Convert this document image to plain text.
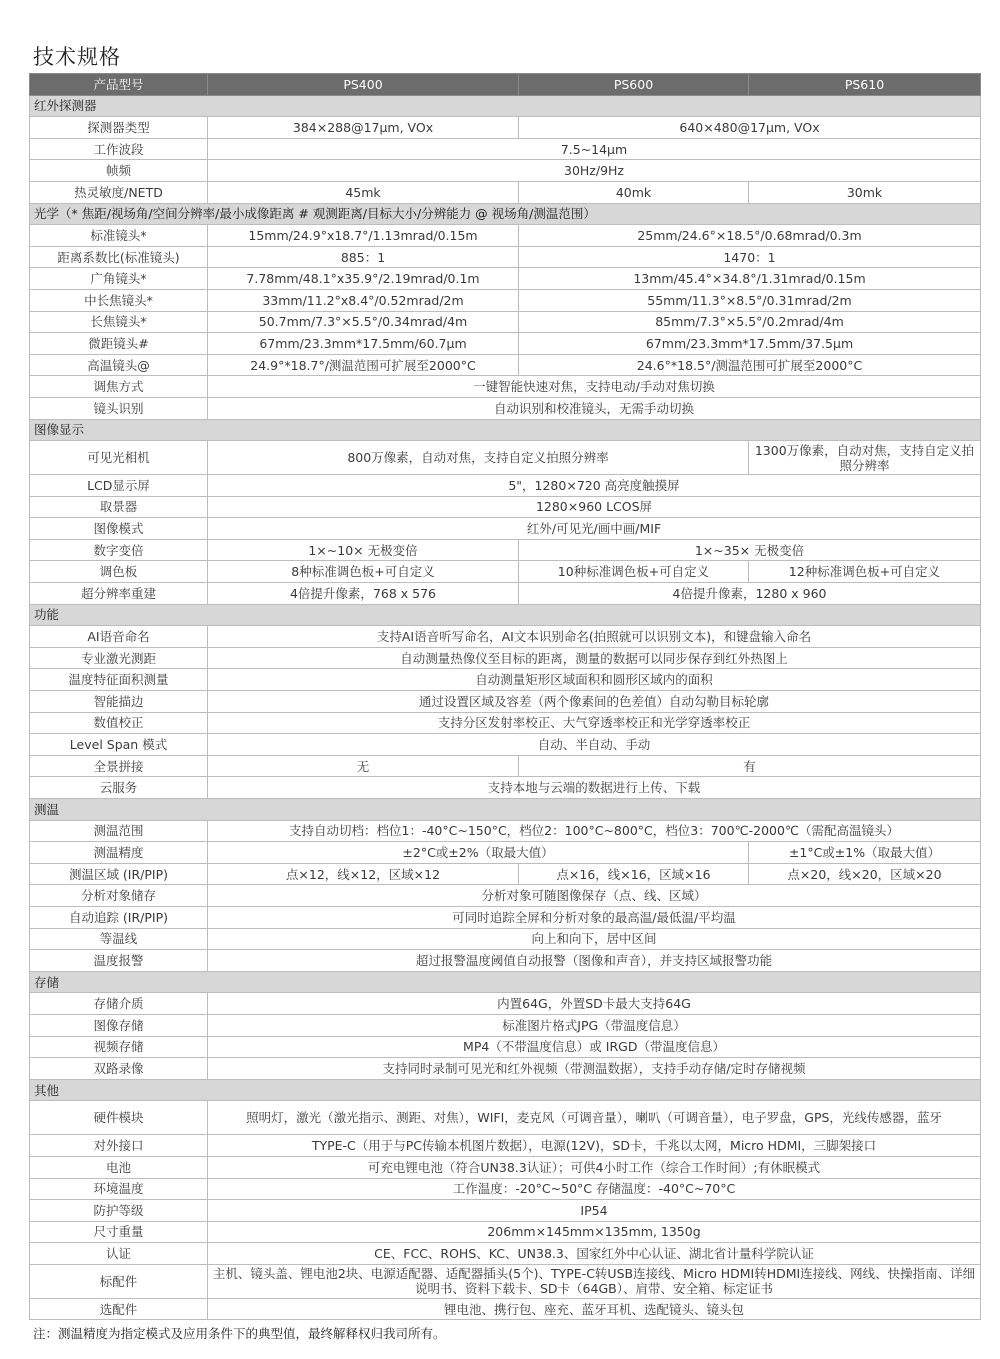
技术规格
产品型号	PS400	PS600	PS610
红外探测器			
探测器类型	384×288@17μm, VOx	640×480@17μm, VOx	
工作波段	7.5~14μm		
帧频	30Hz/9Hz		
热灵敏度/NETD	45mk	40mk	30mk
光学（* 焦距/视场角/空间分辨率/最小成像距离 # 观测距离/目标大小/分辨能力 @ 视场角/测温范围）			
标准镜头*	15mm/24.9°x18.7°/1.13mrad/0.15m	25mm/24.6°×18.5°/0.68mrad/0.3m	
距离系数比(标准镜头)	885：1	1470：1	
广角镜头*	7.78mm/48.1°x35.9°/2.19mrad/0.1m	13mm/45.4°×34.8°/1.31mrad/0.15m	
中长焦镜头*	33mm/11.2°x8.4°/0.52mrad/2m	55mm/11.3°×8.5°/0.31mrad/2m	
长焦镜头*	50.7mm/7.3°×5.5°/0.34mrad/4m	85mm/7.3°×5.5°/0.2mrad/4m	
微距镜头#	67mm/23.3mm*17.5mm/60.7μm	67mm/23.3mm*17.5mm/37.5μm	
高温镜头@	24.9°*18.7°/测温范围可扩展至2000°C	24.6°*18.5°/测温范围可扩展至2000°C	
调焦方式	一键智能快速对焦，支持电动/手动对焦切换		
镜头识别	自动识别和校准镜头，无需手动切换		
图像显示			
可见光相机	800万像素，自动对焦，支持自定义拍照分辨率		1300万像素，自动对焦，支持自定义拍照分辨率
LCD显示屏	5"，1280×720 高亮度触摸屏		
取景器	1280×960 LCOS屏		
图像模式	红外/可见光/画中画/MIF		
数字变倍	1×~10× 无极变倍	1×~35× 无极变倍	
调色板	8种标准调色板+可自定义	10种标准调色板+可自定义	12种标准调色板+可自定义
超分辨率重建	4倍提升像素，768 x 576	4倍提升像素，1280 x 960	
功能			
AI语音命名	支持AI语音听写命名，AI文本识别命名(拍照就可以识别文本)，和键盘输入命名		
专业激光测距	自动测量热像仪至目标的距离，测量的数据可以同步保存到红外热图上		
温度特征面积测量	自动测量矩形区域面积和圆形区域内的面积		
智能描边	通过设置区域及容差（两个像素间的色差值）自动勾勒目标轮廓		
数值校正	支持分区发射率校正、大气穿透率校正和光学穿透率校正		
Level Span 模式	自动、半自动、手动		
全景拼接	无	有	
云服务	支持本地与云端的数据进行上传、下载		
测温			
测温范围	支持自动切档：档位1：-40°C~150°C，档位2：100°C~800°C，档位3：700℃-2000℃（需配高温镜头）		
测温精度	±2°C或±2%（取最大值）		±1°C或±1%（取最大值）
测温区域 (IR/PIP)	点×12，线×12，区域×12	点×16，线×16，区域×16	点×20，线×20，区域×20
分析对象储存	分析对象可随图像保存（点、线、区域）		
自动追踪 (IR/PIP)	可同时追踪全屏和分析对象的最高温/最低温/平均温		
等温线	向上和向下，居中区间		
温度报警	超过报警温度阈值自动报警（图像和声音），并支持区域报警功能		
存储			
存储介质	内置64G，外置SD卡最大支持64G		
图像存储	标准图片格式JPG（带温度信息）		
视频存储	MP4（不带温度信息）或 IRGD（带温度信息）		
双路录像	支持同时录制可见光和红外视频（带测温数据），支持手动存储/定时存储视频		
其他			
硬件模块	照明灯，激光（激光指示、测距、对焦），WIFI，麦克风（可调音量），喇叭（可调音量），电子罗盘，GPS，光线传感器，蓝牙		
对外接口	TYPE-C（用于与PC传输本机图片数据），电源(12V)，SD卡，千兆以太网，Micro HDMI，三脚架接口		
电池	可充电锂电池（符合UN38.3认证）；可供4小时工作（综合工作时间）;有休眠模式		
环境温度	工作温度：-20°C~50°C 存储温度：-40°C~70°C		
防护等级	IP54		
尺寸重量	206mm×145mm×135mm, 1350g		
认证	CE、FCC、ROHS、KC、UN38.3、国家红外中心认证、湖北省计量科学院认证		
标配件	主机、镜头盖、锂电池2块、电源适配器、适配器插头(5个)、TYPE-C转USB连接线、Micro HDMI转HDMI连接线、网线、快操指南、详细说明书、资料下载卡、SD卡（64GB）、肩带、安全箱、标定证书		
选配件	锂电池、携行包、座充、蓝牙耳机、选配镜头、镜头包		
注：测温精度为指定模式及应用条件下的典型值，最终解释权归我司所有。
